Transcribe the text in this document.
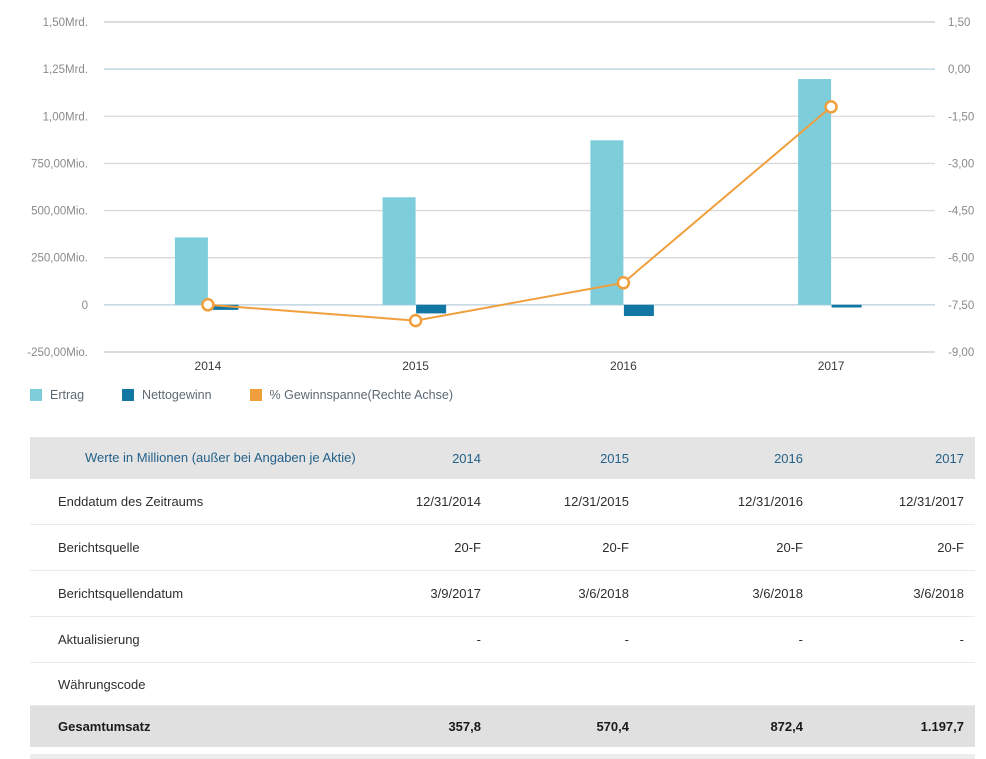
1,50Mrd.	1,50
1,25Mrd.	0,00
1,00Mrd.	-1,50
750,00Mio.	-3,00
500,00Mio.	-4,50
250,00Mio.	-6,00
0	-7,50
-250,00Mio.	-9,00
2014	2015	2016	2017
Ertrag	Nettogewinn	% Gewinnspanne(Rechte Achse)
Werte in Millionen (außer bei Angaben je Aktie)	2014	2015	2016	2017
Enddatum des Zeitraums	12/31/2014	12/31/2015	12/31/2016	12/31/2017
Berichtsquelle	20-F	20-F	20-F	20-F
Berichtsquellendatum	3/9/2017	3/6/2018	3/6/2018	3/6/2018
Aktualisierung	-	-	-	-
Währungscode				
Gesamtumsatz	357,8	570,4	872,4	1.197,7
